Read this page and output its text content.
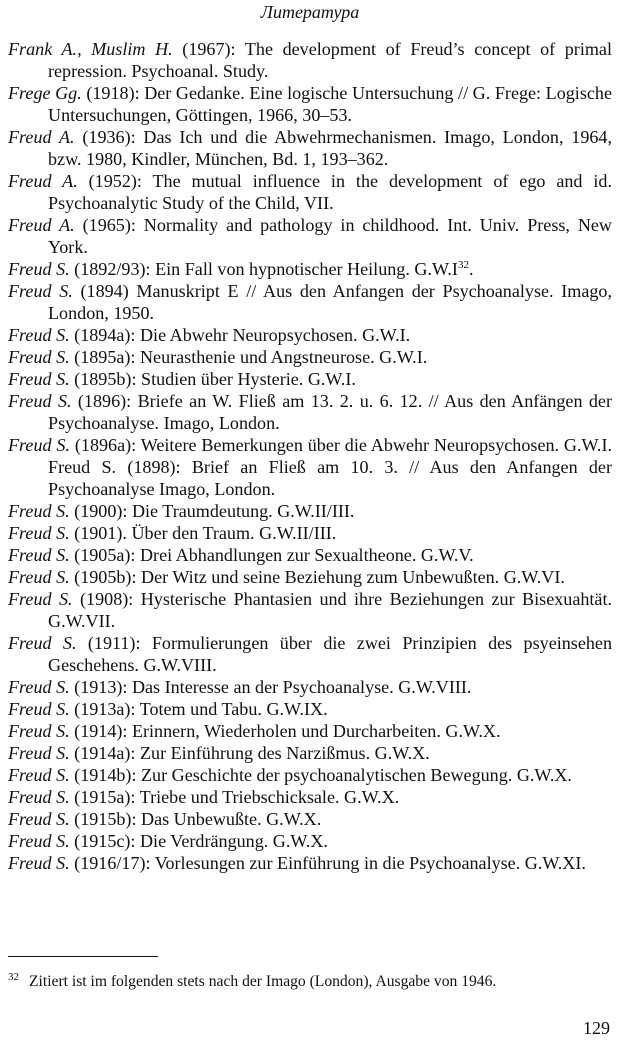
Литература
Frank A., Muslim H. (1967): The development of Freud’s concept of primal repression. Psychoanal. Study.
Frege Gg. (1918): Der Gedanke. Eine logische Untersuchung // G. Frege: Logische Untersuchungen, Göttingen, 1966, 30–53.
Freud A. (1936): Das Ich und die Abwehrmechanismen. Imago, London, 1964, bzw. 1980, Kindler, München, Bd. 1, 193–362.
Freud A. (1952): The mutual influence in the development of ego and id. Psychoanalytic Study of the Child, VII.
Freud A. (1965): Normality and pathology in childhood. Int. Univ. Press, New York.
Freud S. (1892/93): Ein Fall von hypnotischer Heilung. $G.W.I^{32}$.
Freud S. (1894) Manuskript E // Aus den Anfangen der Psychoanalyse. Imago, London, 1950.
Freud S. (1894a): Die Abwehr Neuropsychosen. G.W.I.
Freud S. (1895a): Neurasthenie und Angstneurose. G.W.I.
Freud S. (1895b): Studien über Hysterie. G.W.I.
Freud S. (1896): Briefe an W. Fließ am 13. 2. u. 6. 12. // Aus den Anfängen der Psychoanalyse. Imago, London.
Freud S. (1896a): Weitere Bemerkungen über die Abwehr Neuropsychosen. G.W.I. Freud S. (1898): Brief an Fließ am 10. 3. // Aus den Anfangen der Psychoanalyse Imago, London.
Freud S. (1900): Die Traumdeutung. G.W.II/III.
Freud S. (1901). Über den Traum. G.W.II/III.
Freud S. (1905a): Drei Abhandlungen zur Sexualtheone. G.W.V.
Freud S. (1905b): Der Witz und seine Beziehung zum Unbewußten. G.W.VI.
Freud S. (1908): Hysterische Phantasien und ihre Beziehungen zur Bisexuahtät. G.W.VII.
Freud S. (1911): Formulierungen über die zwei Prinzipien des psyeinsehen Geschehens. G.W.VIII.
Freud S. (1913): Das Interesse an der Psychoanalyse. G.W.VIII.
Freud S. (1913a): Totem und Tabu. G.W.IX.
Freud S. (1914): Erinnern, Wiederholen und Durcharbeiten. G.W.X.
Freud S. (1914a): Zur Einführung des Narzißmus. G.W.X.
Freud S. (1914b): Zur Geschichte der psychoanalytischen Bewegung. G.W.X.
Freud S. (1915a): Triebe und Triebschicksale. G.W.X.
Freud S. (1915b): Das Unbewußte. G.W.X.
Freud S. (1915c): Die Verdrängung. G.W.X.
Freud S. (1916/17): Vorlesungen zur Einführung in die Psychoanalyse. G.W.XI.
$^{32}$ Zitiert ist im folgenden stets nach der Imago (London), Ausgabe von 1946.
129
